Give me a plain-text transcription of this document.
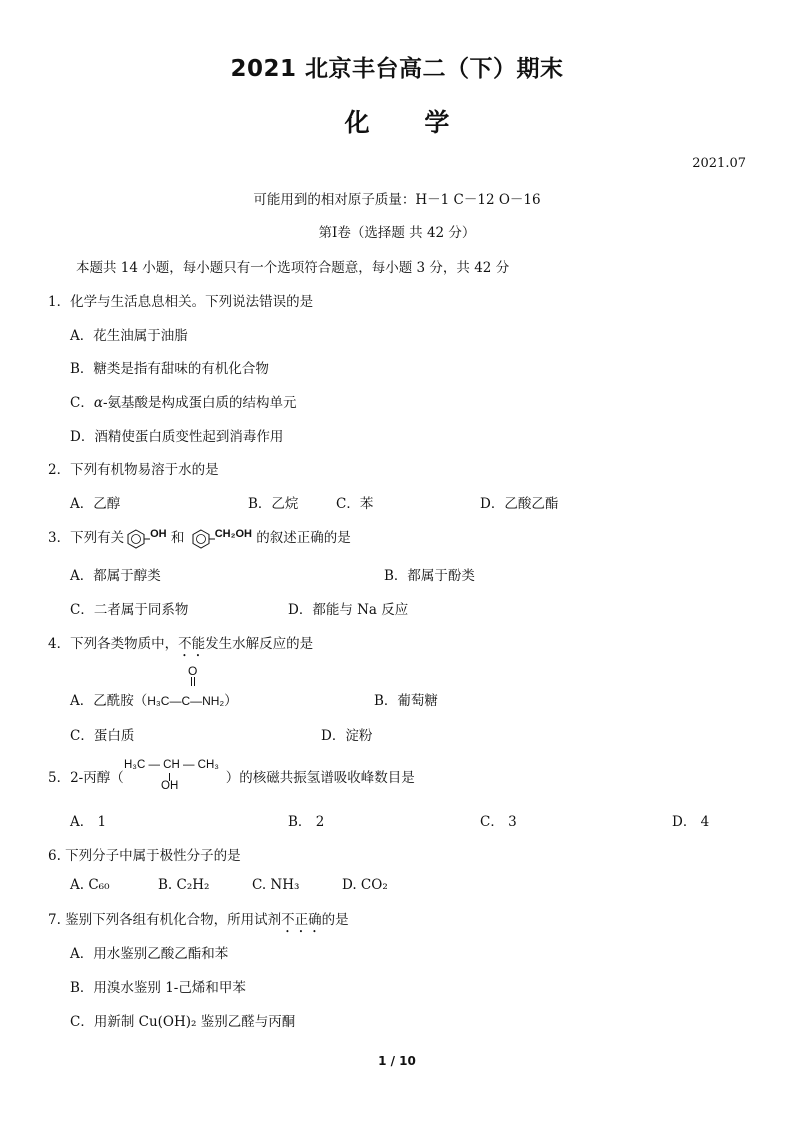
2021 北京丰台高二（下）期末
化 学
2021.07
可能用到的相对原子质量：H－1 C－12 O－16
第I卷（选择题 共 42 分）
本题共 14 小题，每小题只有一个选项符合题意，每小题 3 分，共 42 分
1．化学与生活息息相关。下列说法错误的是
A．花生油属于油脂
B．糖类是指有甜味的有机化合物
C．α-氨基酸是构成蛋白质的结构单元
D．酒精使蛋白质变性起到消毒作用
2．下列有机物易溶于水的是
A．乙醇	B．乙烷	C．苯	D．乙酸乙酯
3．下列有关 $^{OH}$ 和	$^{CH_2OH}$ 的叙述正确的是
A．都属于醇类	B．都属于酚类
C．二者属于同系物	D．都能与 Na 反应
4．下列各类物质中，不能发生水解反应的是
O
A．乙酰胺（H₃C—C—NH₂）	B．葡萄糖
C．蛋白质	D．淀粉
H₃C — CH — CH₃
OH
5．2-丙醇（	）的核磁共振氢谱吸收峰数目是
A． 1	B． 2	C． 3	D． 4
6. 下列分子中属于极性分子的是
A. C₆₀	B. C₂H₂	C. NH₃	D. CO₂
7. 鉴别下列各组有机化合物，所用试剂不正确的是
A．用水鉴别乙酸乙酯和苯
B．用溴水鉴别 1-己烯和甲苯
C．用新制 Cu(OH)₂ 鉴别乙醛与丙酮
1 / 10
